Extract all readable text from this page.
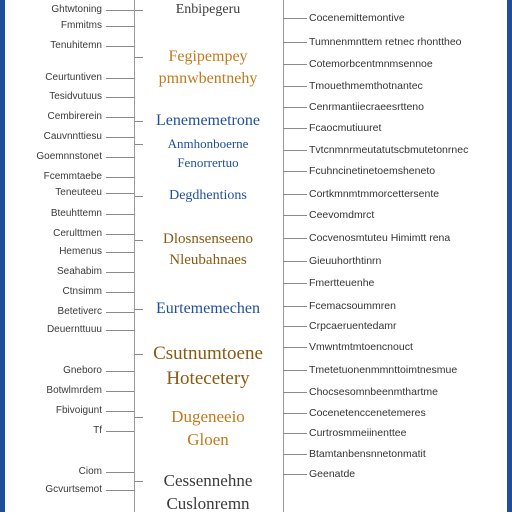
Ghtwtoning
Fmmitms
Tenuhitemn
Ceurtuntiven
Tesidvutuus
Cembirerein
Cauvnnttiesu
Goemnnstonet
Fcemmtaebe
Teneuteeu
Bteuhttemn
Cerulttmen
Hemenus
Seahabim
Ctnsimm
Betetiverc
Deuernttuuu
Gneboro
Botwlmrdem
Fbivoigunt
Tf
Ciom
Gcvurtsemot
Enbipegeru
Fegipempey
pmnwbentnehy
Lenememetrone
Anmhonboerne
Fenorrertuo
Degdhentions
Dlosnsenseeno
Nleubahnaes
Eurtememechen
Csutnumtoene
Hotecetery
Dugeneeio
Gloen
Cessennehne
Cuslonremn
Cocenemittemontive
Tumnenmnttem retnec rhonttheo
Cotemorbcentmnmsennoe
Tmouethmemthotnantec
Cenrmantiiecraeesrtteno
Fcaocmutiuuret
Tvtcnmnrmeutatutscbmutetonrnec
Fcuhncinetinetoemsheneto
Cortkmnmtmmorcettersente
Ceevomdmrct
Cocvenosmtuteu Himimtt rena
Gieuuhorthtinrn
Fmertteuenhe
Fcemacsoummren
Crpcaeruentedamr
Vmwntmtmtoencnouct
Tmetetuonenmmnttoimtnesmue
Chocsesomnbeenmthartme
Cocenetenccenetemeres
Curtrosmmeiinenttee
Btamtanbensnnetonmatit
Geenatde
